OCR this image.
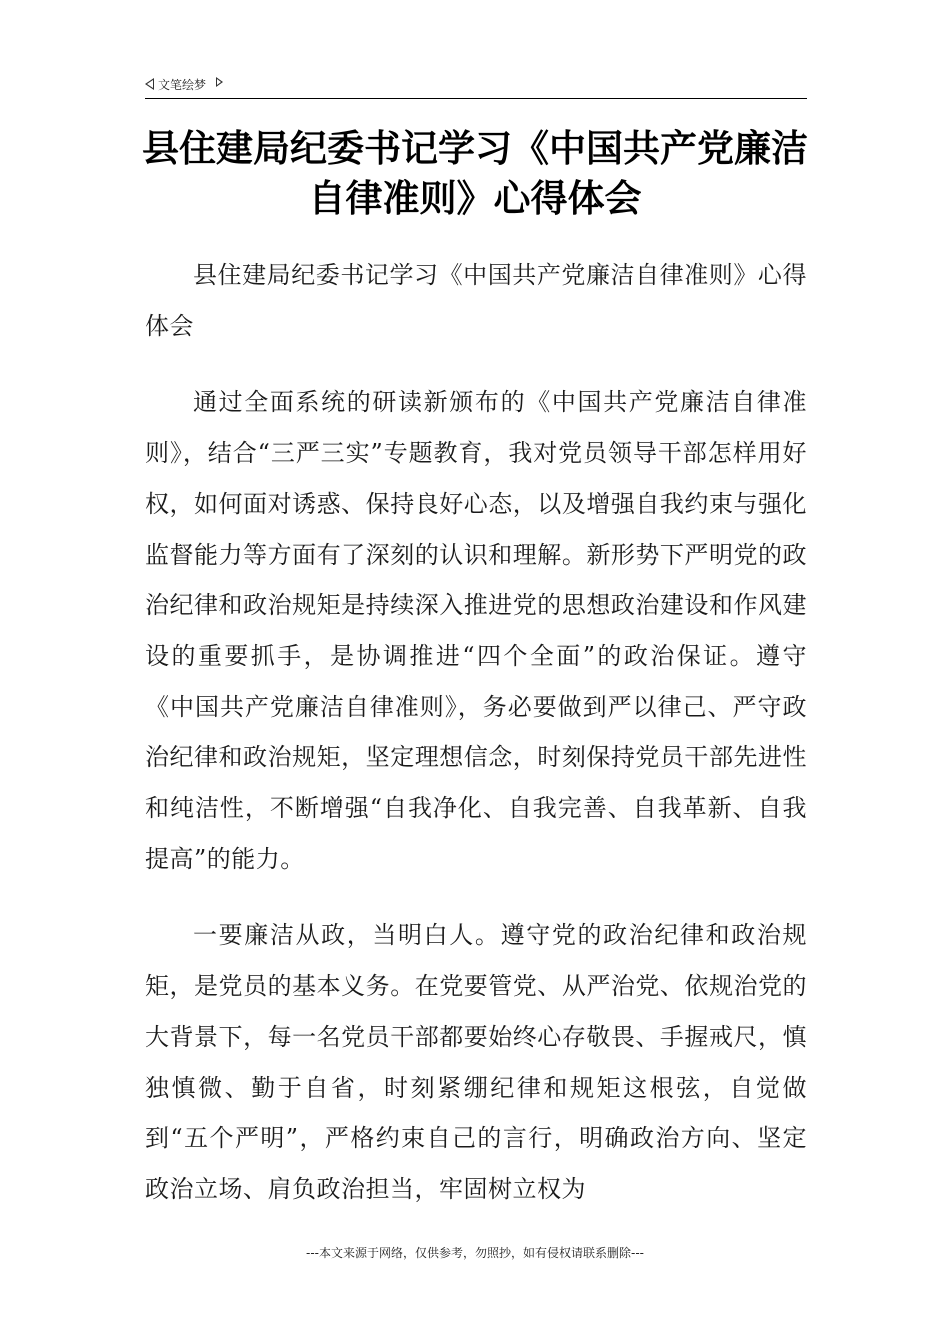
文笔绘梦
县住建局纪委书记学习《中国共产党廉洁自律准则》心得体会

县住建局纪委书记学习《中国共产党廉洁自律准则》心得体会

通过全面系统的研读新颁布的《中国共产党廉洁自律准则》，结合“三严三实”专题教育，我对党员领导干部怎样用好权，如何面对诱惑、保持良好心态，以及增强自我约束与强化监督能力等方面有了深刻的认识和理解。新形势下严明党的政治纪律和政治规矩是持续深入推进党的思想政治建设和作风建设的重要抓手，是协调推进“四个全面”的政治保证。遵守《中国共产党廉洁自律准则》，务必要做到严以律己、严守政治纪律和政治规矩，坚定理想信念，时刻保持党员干部先进性和纯洁性，不断增强“自我净化、自我完善、自我革新、自我提高”的能力。

一要廉洁从政，当明白人。遵守党的政治纪律和政治规矩，是党员的基本义务。在党要管党、从严治党、依规治党的大背景下，每一名党员干部都要始终心存敬畏、手握戒尺，慎独慎微、勤于自省，时刻紧绷纪律和规矩这根弦，自觉做到“五个严明”，严格约束自己的言行，明确政治方向、坚定政治立场、肩负政治担当，牢固树立权为

---本文来源于网络，仅供参考，勿照抄，如有侵权请联系删除---
